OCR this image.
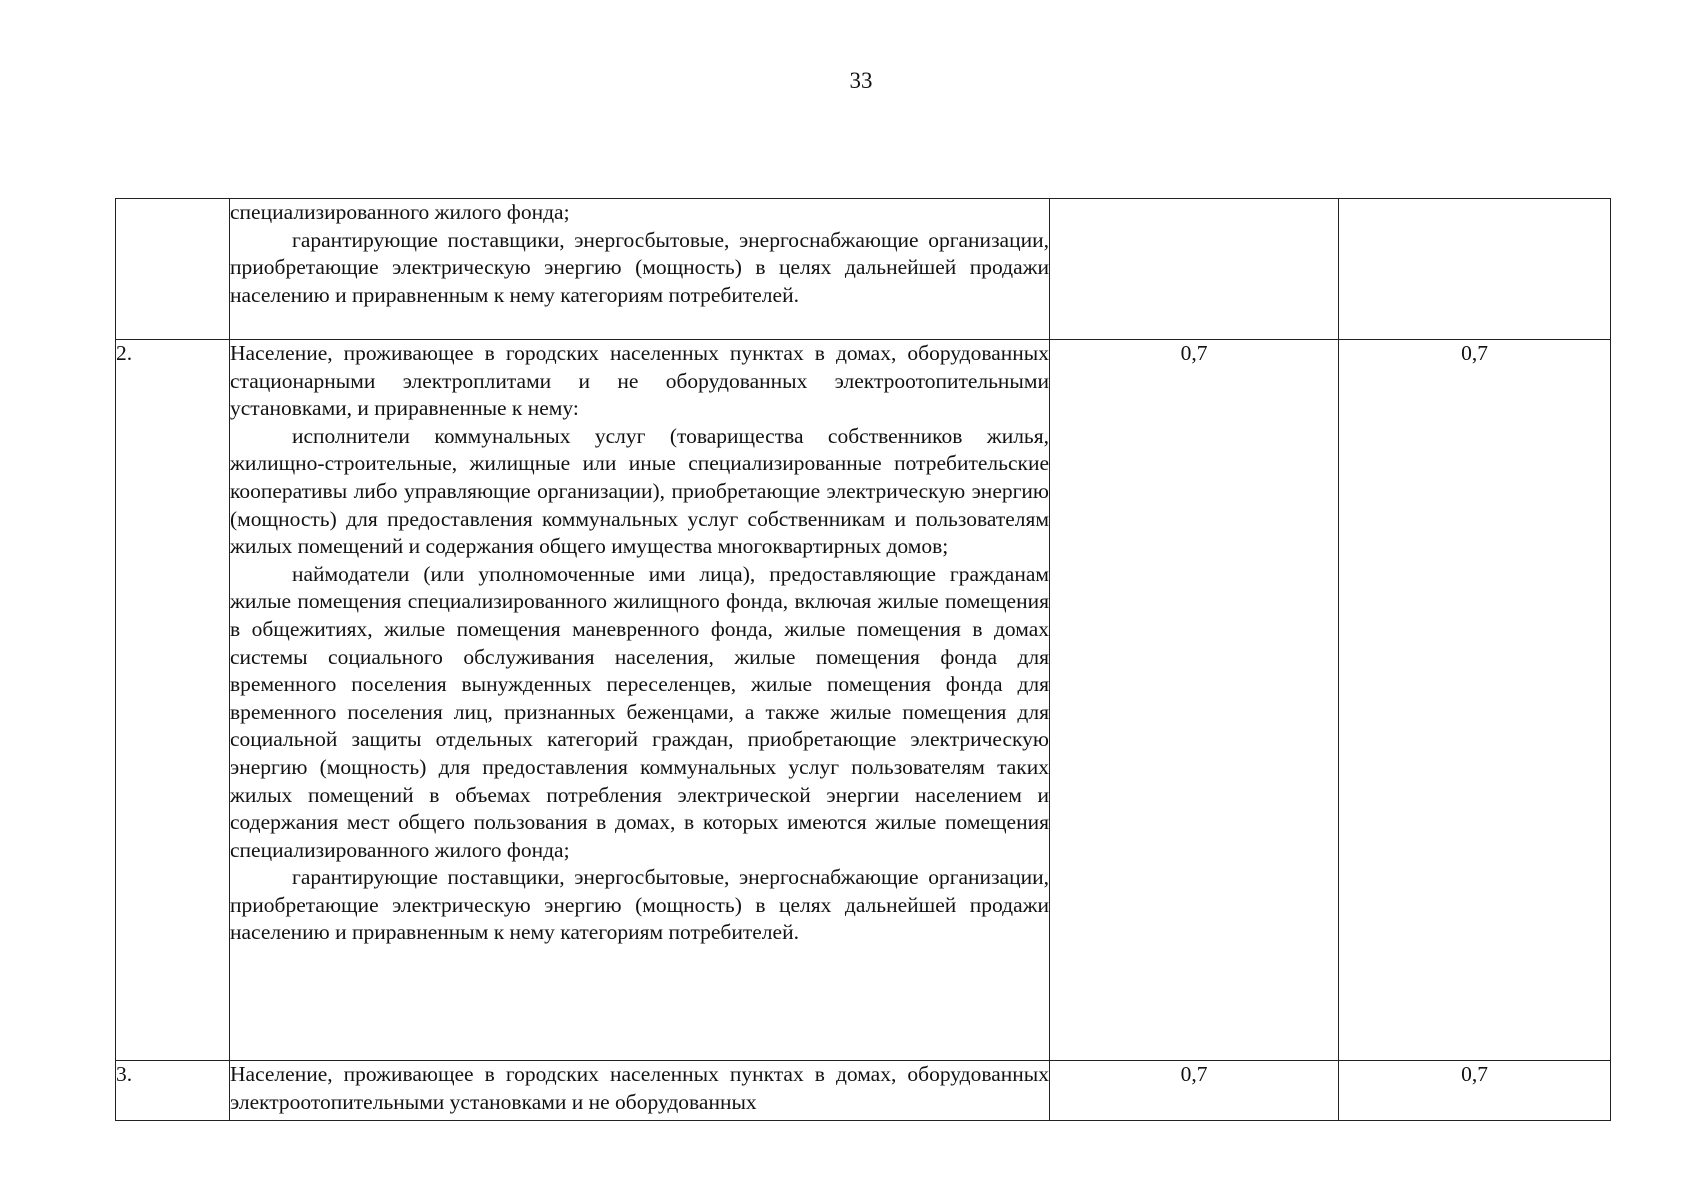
33

	специализированного жилого фонда;

гарантирующие поставщики, энергосбытовые, энергоснабжающие организации, приобретающие электрическую энергию (мощность) в целях дальнейшей продажи населению и приравненным к нему категориям потребителей.		

2.	Население, проживающее в городских населенных пунктах в домах, оборудованных стационарными электроплитами и не оборудованных электроотопительными установками, и приравненные к нему:

исполнители коммунальных услуг (товарищества собственников жилья, жилищно-строительные, жилищные или иные специализированные потребительские кооперативы либо управляющие организации), приобретающие электрическую энергию (мощность) для предоставления коммунальных услуг собственникам и пользователям жилых помещений и содержания общего имущества многоквартирных домов;

наймодатели (или уполномоченные ими лица), предоставляющие гражданам жилые помещения специализированного жилищного фонда, включая жилые помещения в общежитиях, жилые помещения маневренного фонда, жилые помещения в домах системы социального обслуживания населения, жилые помещения фонда для временного поселения вынужденных переселенцев, жилые помещения фонда для временного поселения лиц, признанных беженцами, а также жилые помещения для социальной защиты отдельных категорий граждан, приобретающие электрическую энергию (мощность) для предоставления коммунальных услуг пользователям таких жилых помещений в объемах потребления электрической энергии населением и содержания мест общего пользования в домах, в которых имеются жилые помещения специализированного жилого фонда;

гарантирующие поставщики, энергосбытовые, энергоснабжающие организации, приобретающие электрическую энергию (мощность) в целях дальнейшей продажи населению и приравненным к нему категориям потребителей.	0,7	0,7
3.	Население, проживающее в городских населенных пунктах в домах, оборудованных электроотопительными установками и не оборудованных	0,7	0,7
